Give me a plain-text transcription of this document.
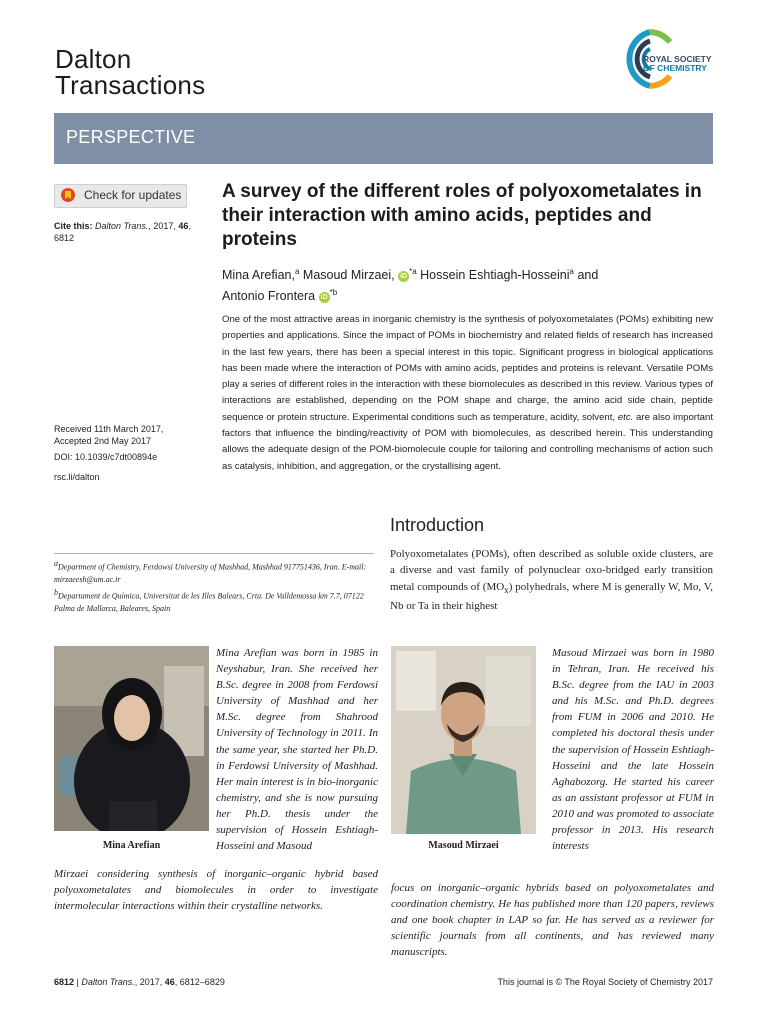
Dalton
Transactions
ROYAL SOCIETY
OF CHEMISTRY
PERSPECTIVE
Check for updates
Cite this: Dalton Trans., 2017, 46, 6812
A survey of the different roles of polyoxometalates in their interaction with amino acids, peptides and proteins
Mina Arefian,$^a$ Masoud Mirzaei, $iD^{*a}$ Hossein Eshtiagh-Hosseini$^a$ and
Antonio Frontera $iD^{*b}$
One of the most attractive areas in inorganic chemistry is the synthesis of polyoxometalates (POMs) exhibiting new properties and applications. Since the impact of POMs in biochemistry and related fields of research has increased in the last few years, there has been a special interest in this topic. Significant progress in biological applications has been made where the interaction of POMs with amino acids, peptides and proteins is relevant. Versatile POMs play a series of different roles in the interaction with these biomolecules as described in this review. Various types of interactions are established, depending on the POM shape and charge, the amino acid side chain, peptide sequence or protein structure. Experimental conditions such as temperature, acidity, solvent, etc. are also important factors that influence the binding/reactivity of POM with biomolecules, as described herein. This understanding allows the adequate design of the POM-biomolecule couple for tailoring and controlling mechanisms of action such as catalysis, inhibition, and aggregation, or the crystallising agent.
Received 11th March 2017,
Accepted 2nd May 2017
DOI: 10.1039/c7dt00894e
rsc.li/dalton
Introduction
Polyoxometalates (POMs), often described as soluble oxide clusters, are a diverse and vast family of polynuclear oxo-bridged early transition metal compounds of $(MO_x)$ polyhedrals, where M is generally W, Mo, V, Nb or Ta in their highest
$^a$Department of Chemistry, Ferdowsi University of Mashhad, Mashhad 917751436, Iran. E-mail: mirzaeesh@um.ac.ir
$^b$Departament de Química, Universitat de les Illes Balears, Crta. De Valldemossa km 7.7, 07122 Palma de Mallorca, Baleares, Spain
Mina Arefian
Mina Arefian was born in 1985 in Neyshabur, Iran. She received her B.Sc. degree in 2008 from Ferdowsi University of Mashhad and her M.Sc. degree from Shahrood University of Technology in 2011. In the same year, she started her Ph.D. in Ferdowsi University of Mashhad. Her main interest is in bio-inorganic chemistry, and she is now pursuing her Ph.D. thesis under the supervision of Hossein Eshtiagh-Hosseini and Masoud
Mirzaei considering synthesis of inorganic–organic hybrid based polyoxometalates and biomolecules in order to investigate intermolecular interactions within their crystalline networks.
Masoud Mirzaei
Masoud Mirzaei was born in 1980 in Tehran, Iran. He received his B.Sc. degree from the IAU in 2003 and his M.Sc. and Ph.D. degrees from FUM in 2006 and 2010. He completed his doctoral thesis under the supervision of Hossein Eshtiagh-Hosseini and the late Hossein Aghabozorg. He started his career as an assistant professor at FUM in 2010 and was promoted to associate professor in 2013. His research interests
focus on inorganic–organic hybrids based on polyoxometalates and coordination chemistry. He has published more than 120 papers, reviews and one book chapter in LAP so far. He has served as a reviewer for scientific journals from all continents, and has reviewed many manuscripts.
6812 | Dalton Trans., 2017, 46, 6812–6829	This journal is © The Royal Society of Chemistry 2017
